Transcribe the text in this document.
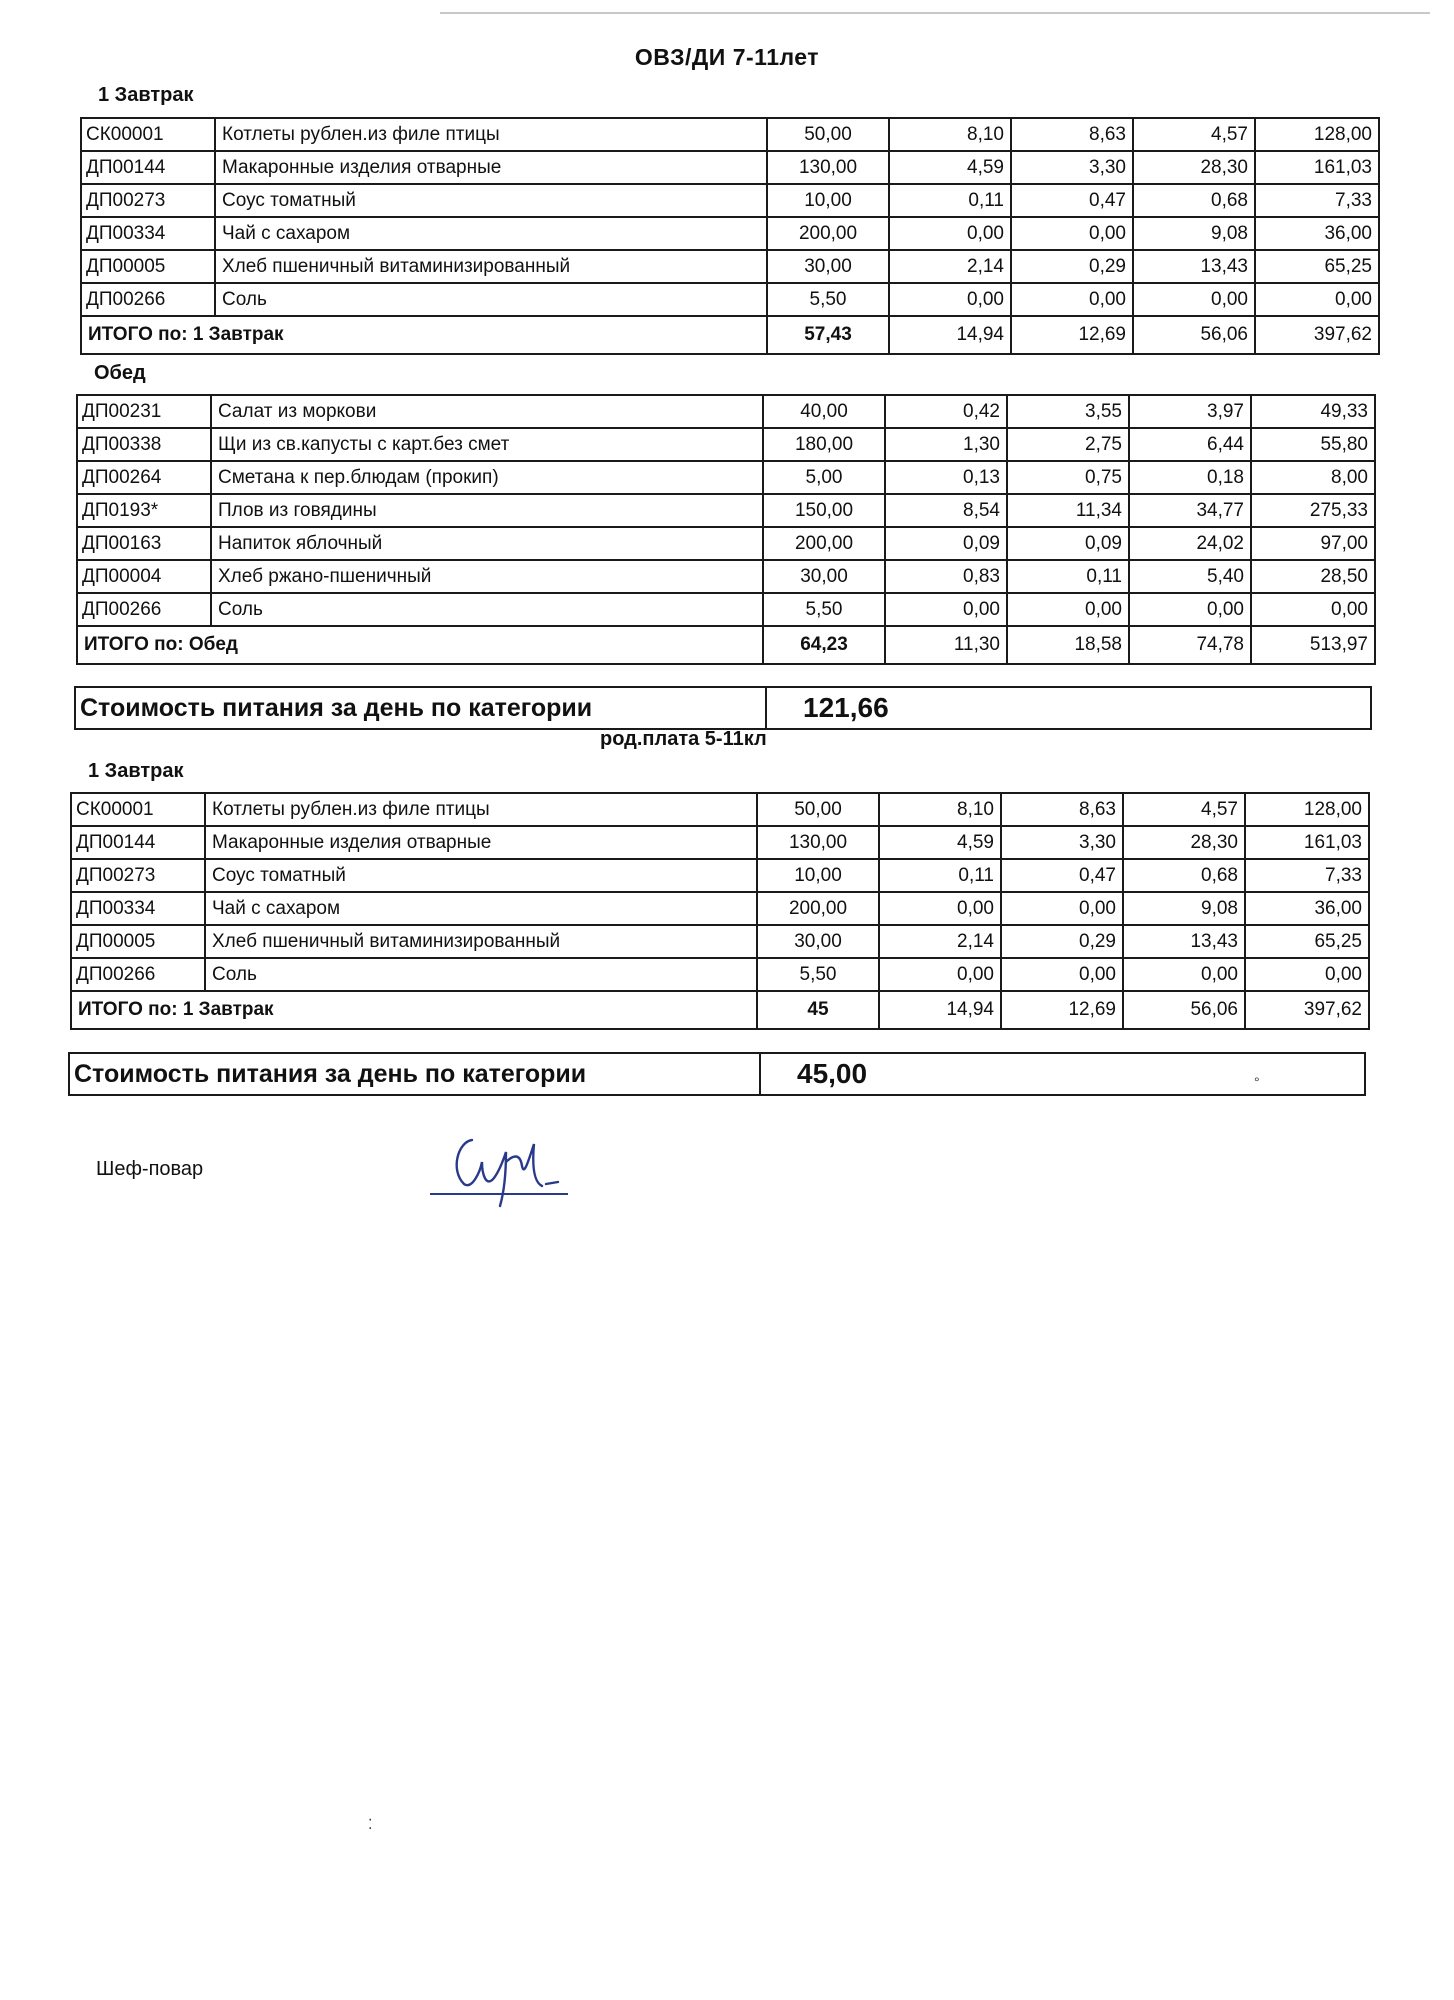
ОВЗ/ДИ 7-11лет
1 Завтрак
СК00001	Котлеты рублен.из филе птицы	50,00	8,10	8,63	4,57	128,00
ДП00144	Макаронные изделия отварные	130,00	4,59	3,30	28,30	161,03
ДП00273	Соус томатный	10,00	0,11	0,47	0,68	7,33
ДП00334	Чай с сахаром	200,00	0,00	0,00	9,08	36,00
ДП00005	Хлеб пшеничный витаминизированный	30,00	2,14	0,29	13,43	65,25
ДП00266	Соль	5,50	0,00	0,00	0,00	0,00
ИТОГО по: 1 Завтрак		57,43	14,94	12,69	56,06	397,62
Обед
ДП00231	Салат из моркови	40,00	0,42	3,55	3,97	49,33
ДП00338	Щи из св.капусты с карт.без смет	180,00	1,30	2,75	6,44	55,80
ДП00264	Сметана к пер.блюдам (прокип)	5,00	0,13	0,75	0,18	8,00
ДП0193*	Плов из говядины	150,00	8,54	11,34	34,77	275,33
ДП00163	Напиток яблочный	200,00	0,09	0,09	24,02	97,00
ДП00004	Хлеб ржано-пшеничный	30,00	0,83	0,11	5,40	28,50
ДП00266	Соль	5,50	0,00	0,00	0,00	0,00
ИТОГО по: Обед		64,23	11,30	18,58	74,78	513,97
Стоимость питания за день по категории	121,66
род.плата 5-11кл
1 Завтрак
СК00001	Котлеты рублен.из филе птицы	50,00	8,10	8,63	4,57	128,00
ДП00144	Макаронные изделия отварные	130,00	4,59	3,30	28,30	161,03
ДП00273	Соус томатный	10,00	0,11	0,47	0,68	7,33
ДП00334	Чай с сахаром	200,00	0,00	0,00	9,08	36,00
ДП00005	Хлеб пшеничный витаминизированный	30,00	2,14	0,29	13,43	65,25
ДП00266	Соль	5,50	0,00	0,00	0,00	0,00
ИТОГО по: 1 Завтрак		45	14,94	12,69	56,06	397,62
Стоимость питания за день по категории	45,00	°
Шеф-повар
⁚
